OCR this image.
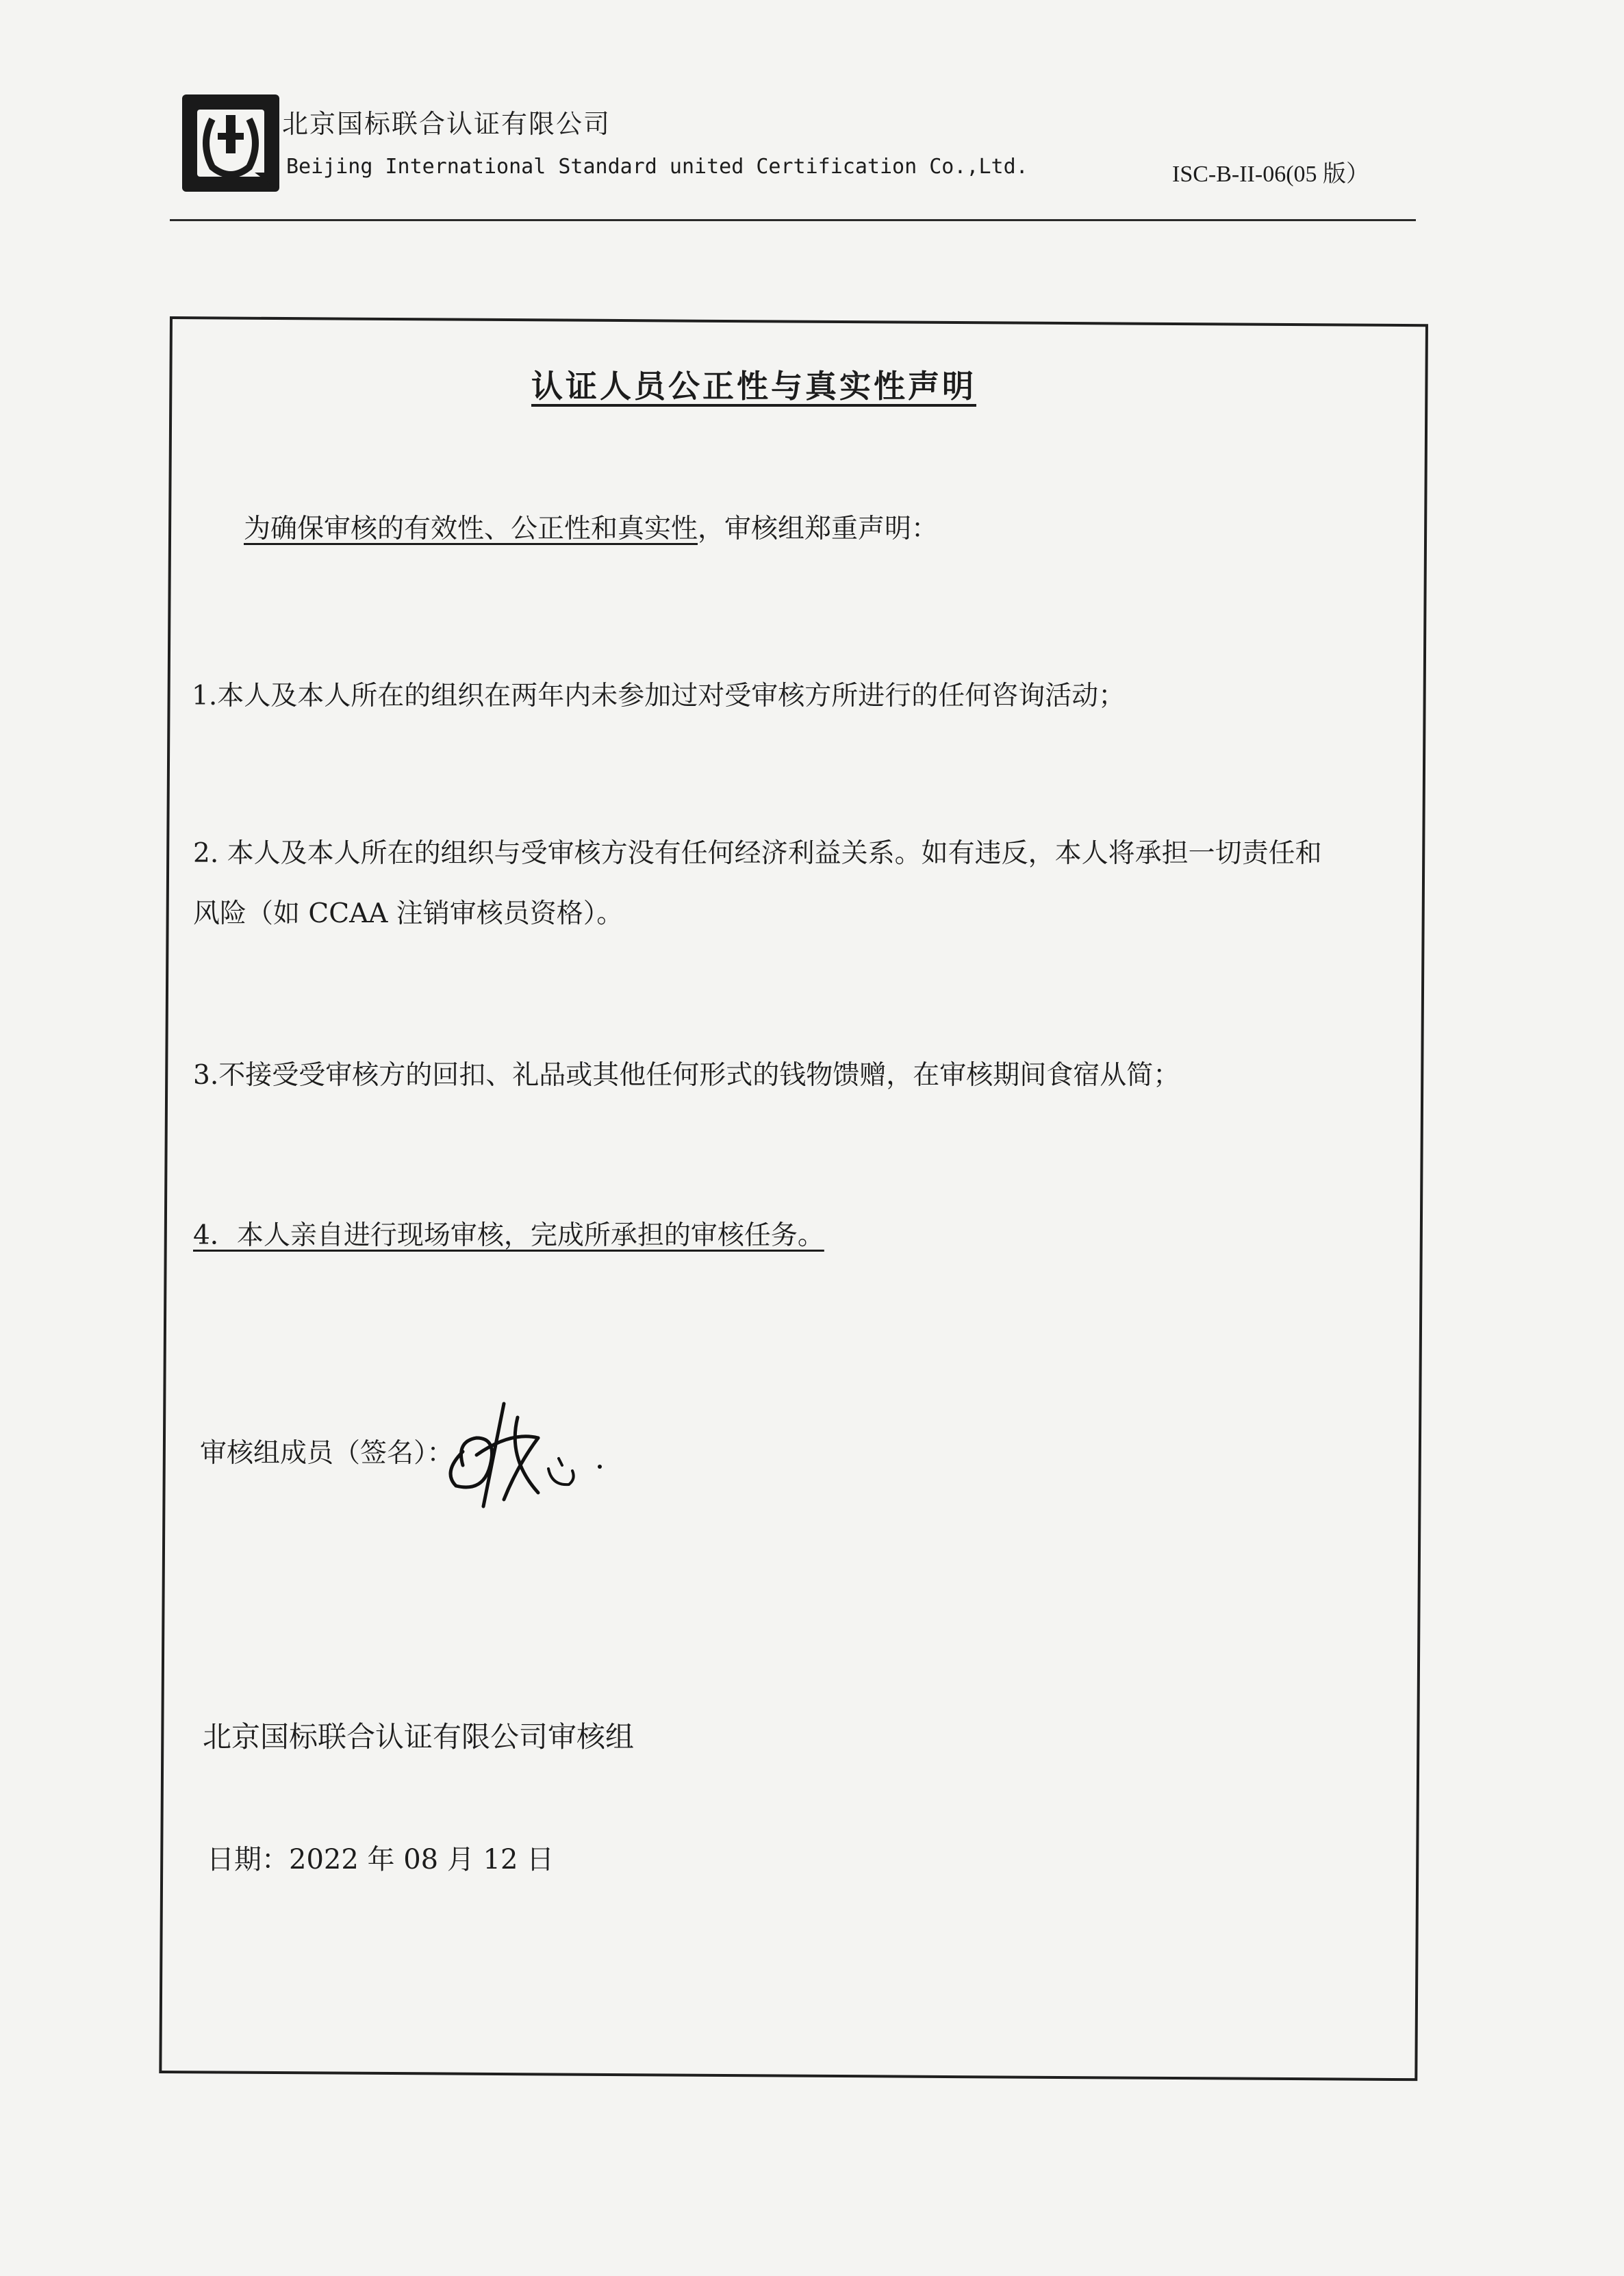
北京国标联合认证有限公司
Beijing International Standard united Certification Co.,Ltd.	ISC-B-II-06(05 版）
认证人员公正性与真实性声明
为确保审核的有效性、公正性和真实性，审核组郑重声明：
1.本人及本人所在的组织在两年内未参加过对受审核方所进行的任何咨询活动；
2. 本人及本人所在的组织与受审核方没有任何经济利益关系。如有违反，本人将承担一切责任和
风险（如 CCAA 注销审核员资格）。
3.不接受受审核方的回扣、礼品或其他任何形式的钱物馈赠，在审核期间食宿从简；
4．本人亲自进行现场审核，完成所承担的审核任务。
审核组成员（签名）：
北京国标联合认证有限公司审核组
日期：2022 年 08 月 12 日
